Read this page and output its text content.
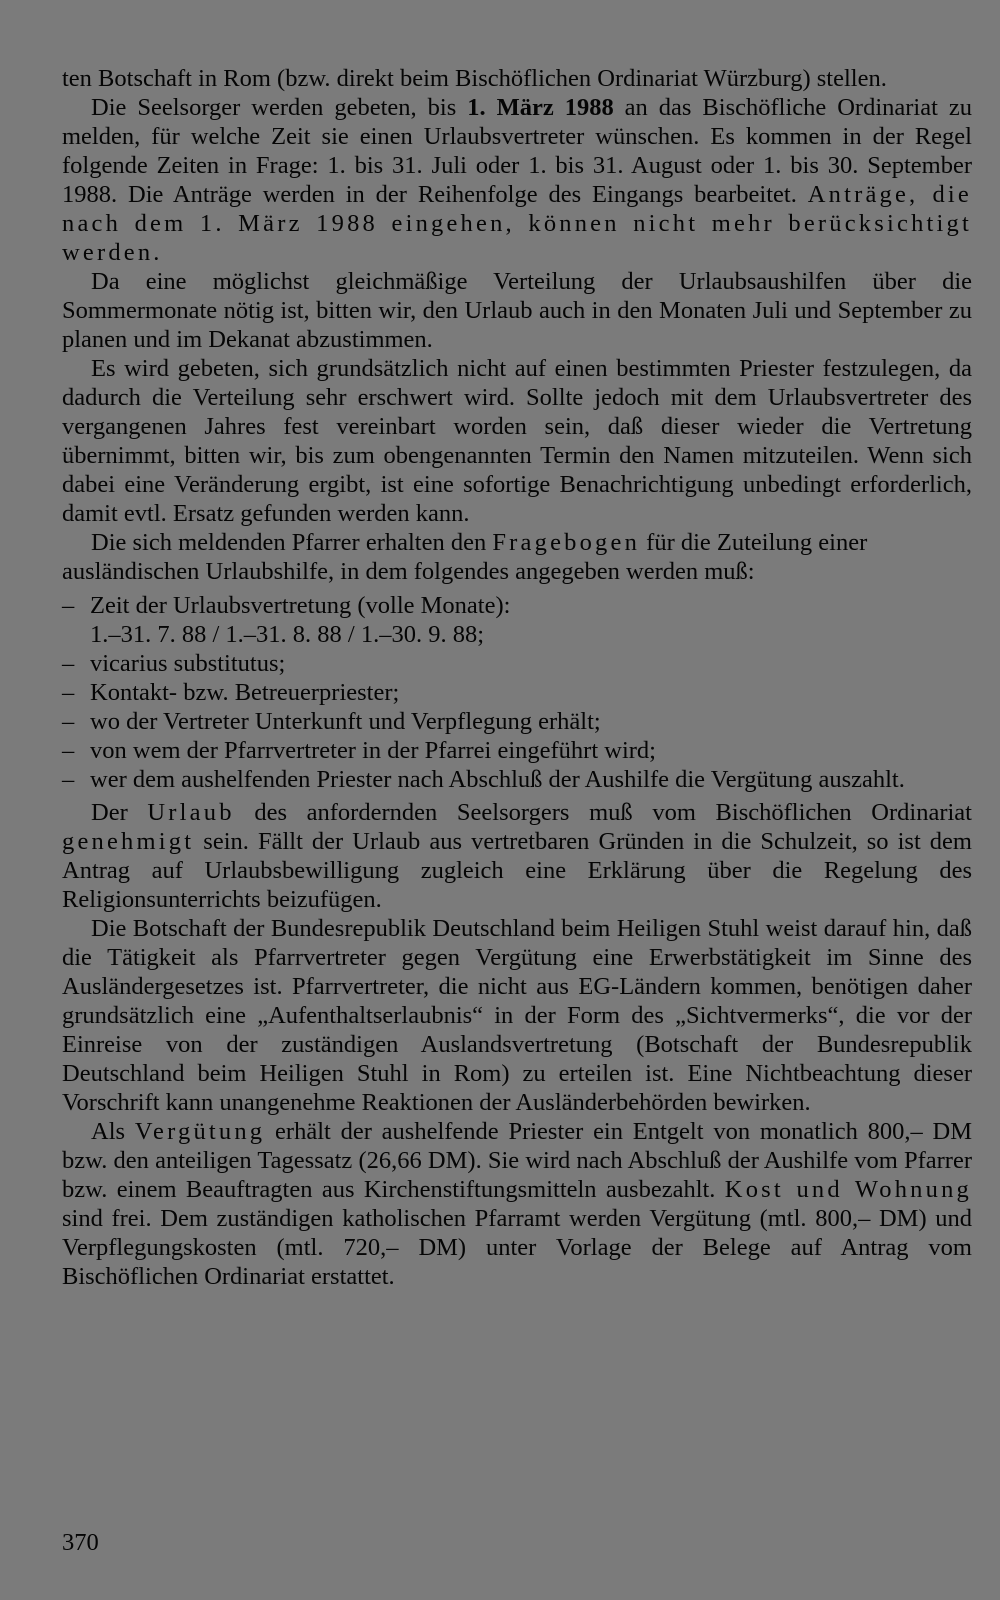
ten Botschaft in Rom (bzw. direkt beim Bischöflichen Ordinariat Würzburg) stellen.

Die Seelsorger werden gebeten, bis 1. März 1988 an das Bischöfliche Ordinariat zu melden, für welche Zeit sie einen Urlaubsvertreter wünschen. Es kommen in der Regel folgende Zeiten in Frage: 1. bis 31. Juli oder 1. bis 31. August oder 1. bis 30. September 1988. Die Anträge werden in der Reihenfolge des Eingangs bearbeitet. Anträge, die nach dem 1. März 1988 eingehen, können nicht mehr berücksichtigt werden.

Da eine möglichst gleichmäßige Verteilung der Urlaubsaushilfen über die Sommermonate nötig ist, bitten wir, den Urlaub auch in den Monaten Juli und September zu planen und im Dekanat abzustimmen.

Es wird gebeten, sich grundsätzlich nicht auf einen bestimmten Priester festzulegen, da dadurch die Verteilung sehr erschwert wird. Sollte jedoch mit dem Urlaubsvertreter des vergangenen Jahres fest vereinbart worden sein, daß dieser wieder die Vertretung übernimmt, bitten wir, bis zum obengenannten Termin den Namen mitzuteilen. Wenn sich dabei eine Veränderung ergibt, ist eine sofortige Benachrichtigung unbedingt erforderlich, damit evtl. Ersatz gefunden werden kann.

Die sich meldenden Pfarrer erhalten den Fragebogen für die Zuteilung einer ausländischen Urlaubshilfe, in dem folgendes angegeben werden muß:

– Zeit der Urlaubsvertretung (volle Monate):
1.–31. 7. 88 / 1.–31. 8. 88 / 1.–30. 9. 88;
– vicarius substitutus;
– Kontakt- bzw. Betreuerpriester;
– wo der Vertreter Unterkunft und Verpflegung erhält;
– von wem der Pfarrvertreter in der Pfarrei eingeführt wird;
– wer dem aushelfenden Priester nach Abschluß der Aushilfe die Vergütung auszahlt.

Der Urlaub des anfordernden Seelsorgers muß vom Bischöflichen Ordinariat genehmigt sein. Fällt der Urlaub aus vertretbaren Gründen in die Schulzeit, so ist dem Antrag auf Urlaubsbewilligung zugleich eine Erklärung über die Regelung des Religionsunterrichts beizufügen.

Die Botschaft der Bundesrepublik Deutschland beim Heiligen Stuhl weist darauf hin, daß die Tätigkeit als Pfarrvertreter gegen Vergütung eine Erwerbstätigkeit im Sinne des Ausländergesetzes ist. Pfarrvertreter, die nicht aus EG-Ländern kommen, benötigen daher grundsätzlich eine „Aufenthaltserlaubnis“ in der Form des „Sichtvermerks“, die vor der Einreise von der zuständigen Auslandsvertretung (Botschaft der Bundesrepublik Deutschland beim Heiligen Stuhl in Rom) zu erteilen ist. Eine Nichtbeachtung dieser Vorschrift kann unangenehme Reaktionen der Ausländerbehörden bewirken.

Als Vergütung erhält der aushelfende Priester ein Entgelt von monatlich 800,– DM bzw. den anteiligen Tagessatz (26,66 DM). Sie wird nach Abschluß der Aushilfe vom Pfarrer bzw. einem Beauftragten aus Kirchenstiftungsmitteln ausbezahlt. Kost und Wohnung sind frei. Dem zuständigen katholischen Pfarramt werden Vergütung (mtl. 800,– DM) und Verpflegungskosten (mtl. 720,– DM) unter Vorlage der Belege auf Antrag vom Bischöflichen Ordinariat erstattet.

370
